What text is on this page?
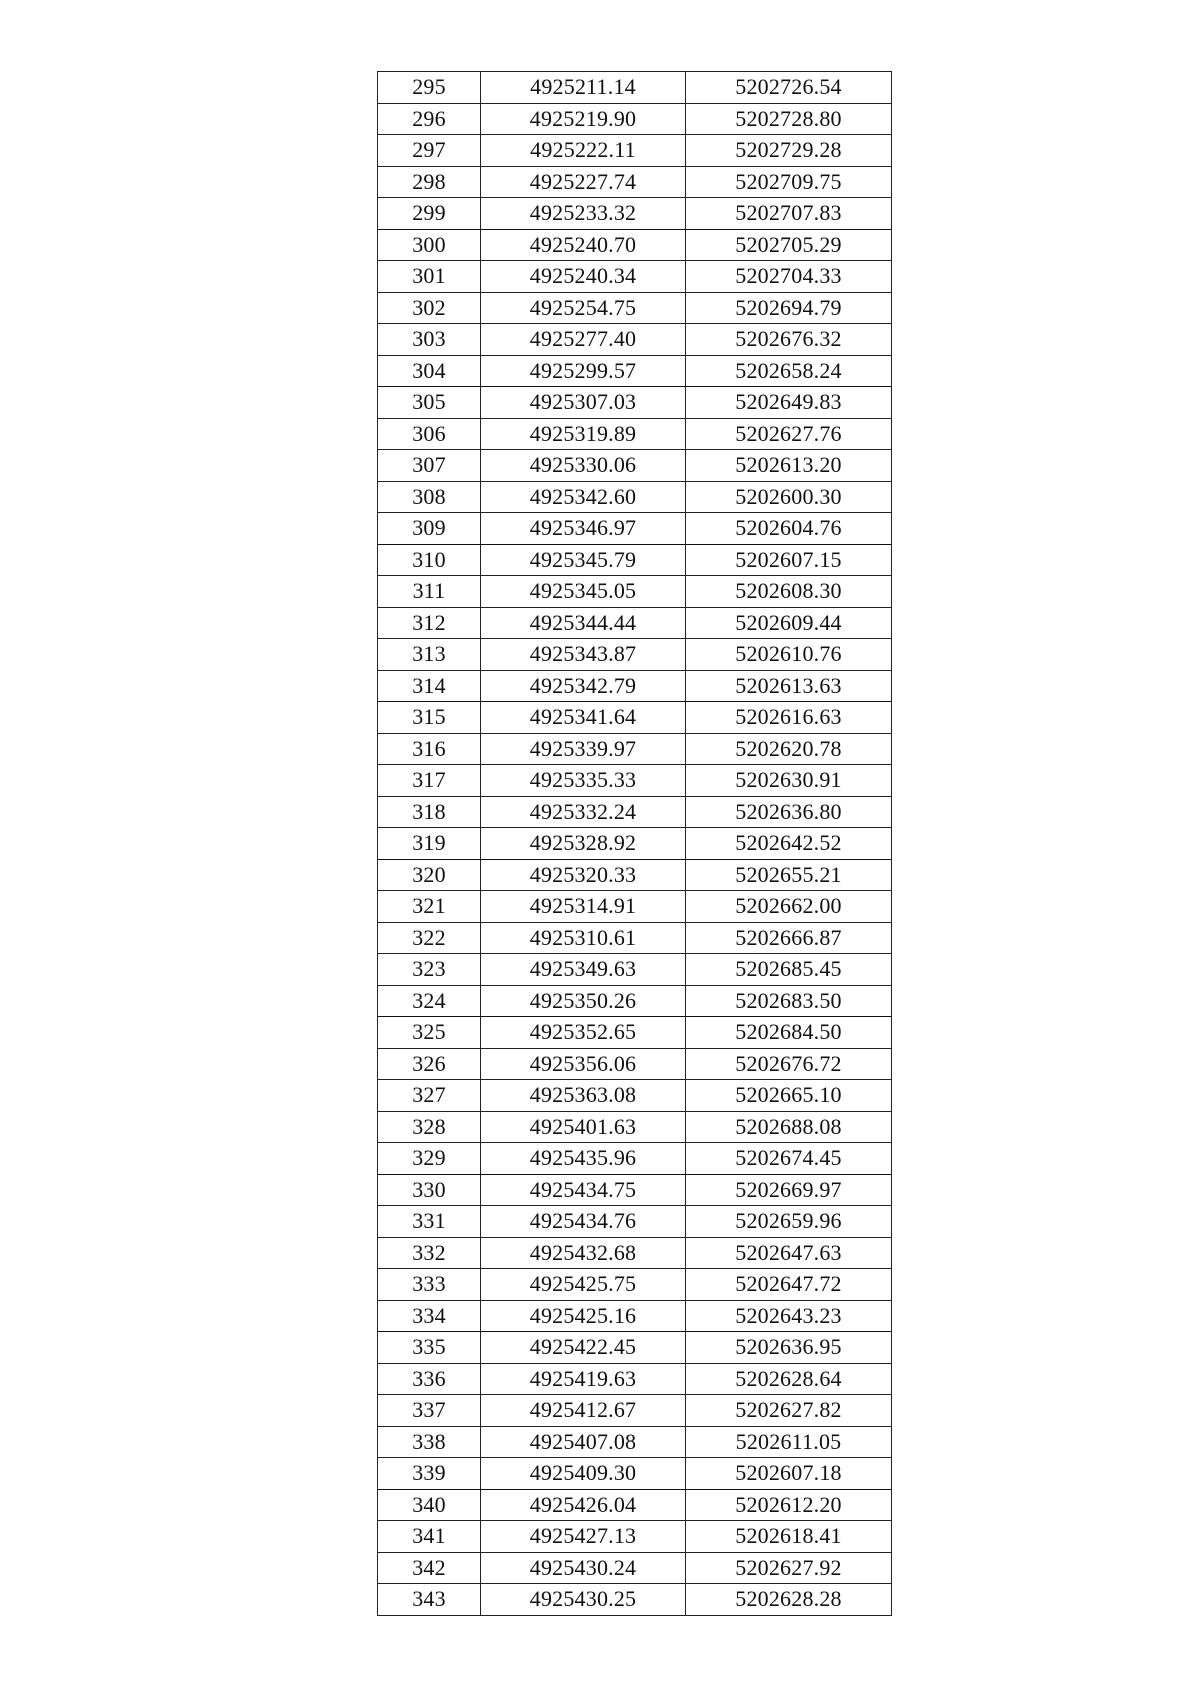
295	4925211.14	5202726.54
296	4925219.90	5202728.80
297	4925222.11	5202729.28
298	4925227.74	5202709.75
299	4925233.32	5202707.83
300	4925240.70	5202705.29
301	4925240.34	5202704.33
302	4925254.75	5202694.79
303	4925277.40	5202676.32
304	4925299.57	5202658.24
305	4925307.03	5202649.83
306	4925319.89	5202627.76
307	4925330.06	5202613.20
308	4925342.60	5202600.30
309	4925346.97	5202604.76
310	4925345.79	5202607.15
311	4925345.05	5202608.30
312	4925344.44	5202609.44
313	4925343.87	5202610.76
314	4925342.79	5202613.63
315	4925341.64	5202616.63
316	4925339.97	5202620.78
317	4925335.33	5202630.91
318	4925332.24	5202636.80
319	4925328.92	5202642.52
320	4925320.33	5202655.21
321	4925314.91	5202662.00
322	4925310.61	5202666.87
323	4925349.63	5202685.45
324	4925350.26	5202683.50
325	4925352.65	5202684.50
326	4925356.06	5202676.72
327	4925363.08	5202665.10
328	4925401.63	5202688.08
329	4925435.96	5202674.45
330	4925434.75	5202669.97
331	4925434.76	5202659.96
332	4925432.68	5202647.63
333	4925425.75	5202647.72
334	4925425.16	5202643.23
335	4925422.45	5202636.95
336	4925419.63	5202628.64
337	4925412.67	5202627.82
338	4925407.08	5202611.05
339	4925409.30	5202607.18
340	4925426.04	5202612.20
341	4925427.13	5202618.41
342	4925430.24	5202627.92
343	4925430.25	5202628.28
